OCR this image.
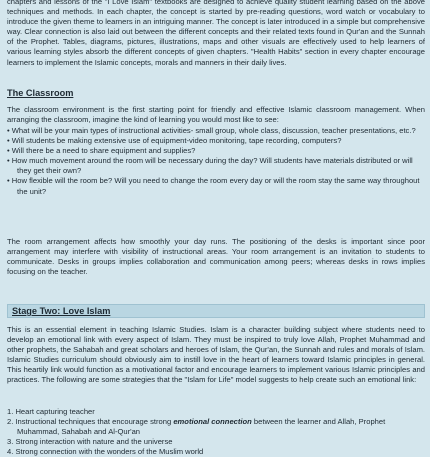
chapters and lessons of the "I Love Islam" textbooks are designed to achieve quality student learning based on the above techniques and methods. In each chapter, the concept is started by pre-reading questions, word watch or vocabulary to introduce the given theme to learners in an intriguing manner. The concept is later introduced in a simple but comprehensive way. Clear connection is also laid out between the different concepts and their related texts found in Qur'an and the Sunnah of the Prophet. Tables, diagrams, pictures, illustrations, maps and other visuals are effectively used to help learners of various learning styles absorb the different concepts of given chapters. "Health Habits" section in every chapter encourage learners to implement the Islamic concepts, morals and manners in their daily lives.

The Classroom

The classroom environment is the first starting point for friendly and effective Islamic classroom management. When arranging the classroom, imagine the kind of learning you would most like to see:

• What will be your main types of instructional activities- small group, whole class, discussion, teacher presentations, etc.?
• Will students be making extensive use of equipment-video monitoring, tape recording, computers?
• Will there be a need to share equipment and supplies?
• How much movement around the room will be necessary during the day? Will students have materials distributed or will they get their own?
• How flexible will the room be? Will you need to change the room every day or will the room stay the same way throughout the unit?

The room arrangement affects how smoothly your day runs. The positioning of the desks is important since poor arrangement may interfere with visibility of instructional areas. Your room arrangement is an invitation to students to communicate. Desks in groups implies collaboration and communication among peers; whereas desks in rows implies focusing on the teacher.

Stage Two: Love Islam

This is an essential element in teaching Islamic Studies. Islam is a character building subject where students need to develop an emotional link with every aspect of Islam. They must be inspired to truly love Allah, Prophet Muhammad and other prophets, the Sahabah and great scholars and heroes of Islam, the Qur'an, the Sunnah and rules and morals of Islam. Islamic Studies curriculum should obviously aim to instill love in the heart of learners toward Islamic principles in general. This heartily link would function as a motivational factor and encourage learners to implement various Islamic principles and practices. The following are some strategies that the "Islam for Life" model suggests to help create such an emotional link:

1. Heart capturing teacher
2. Instructional techniques that encourage strong emotional connection between the learner and Allah, Prophet Muhammad, Sahabah and Al-Qur'an
3. Strong interaction with nature and the universe
4. Strong connection with the wonders of the Muslim world
